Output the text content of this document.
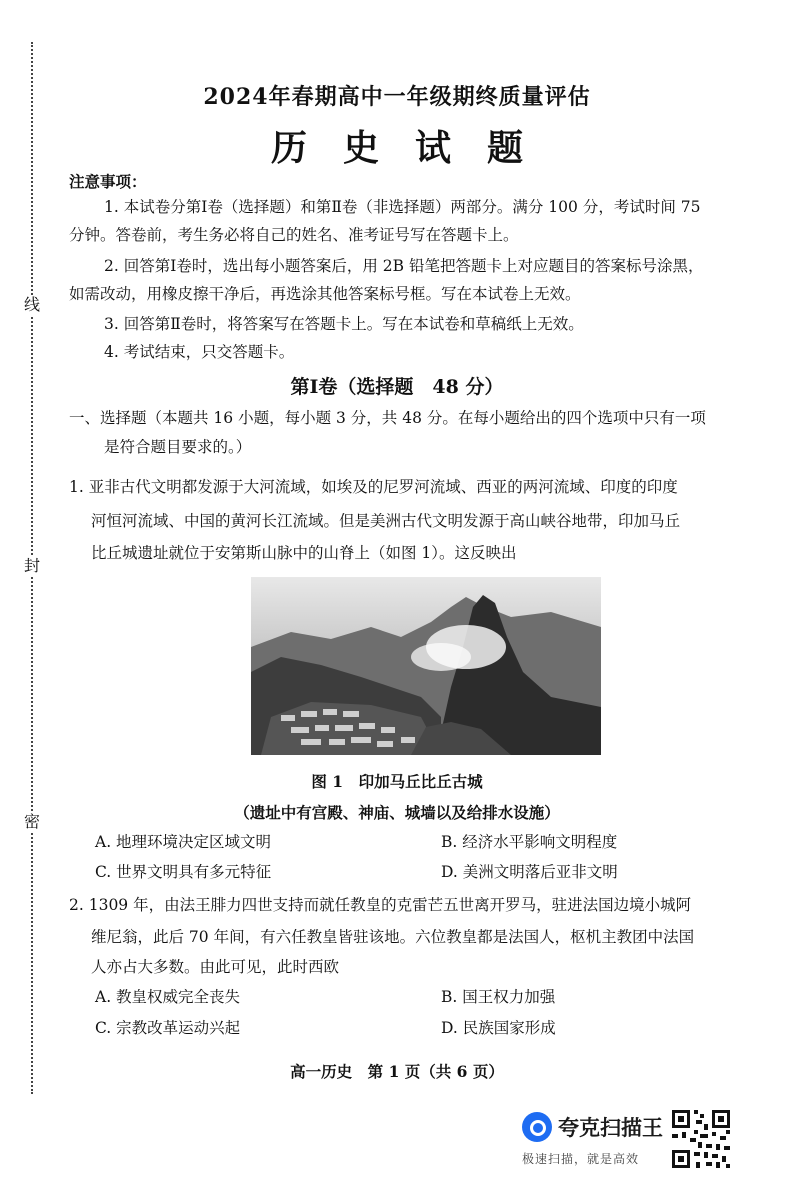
线
封
密
2024年春期高中一年级期终质量评估
历史试题
注意事项：
1. 本试卷分第Ⅰ卷（选择题）和第Ⅱ卷（非选择题）两部分。满分 100 分，考试时间 75
分钟。答卷前，考生务必将自己的姓名、准考证号写在答题卡上。
2. 回答第Ⅰ卷时，选出每小题答案后，用 2B 铅笔把答题卡上对应题目的答案标号涂黑，
如需改动，用橡皮擦干净后，再选涂其他答案标号框。写在本试卷上无效。
3. 回答第Ⅱ卷时，将答案写在答题卡上。写在本试卷和草稿纸上无效。
4. 考试结束，只交答题卡。
第Ⅰ卷（选择题　48 分）
一、选择题（本题共 16 小题，每小题 3 分，共 48 分。在每小题给出的四个选项中只有一项
是符合题目要求的。）
1. 亚非古代文明都发源于大河流域，如埃及的尼罗河流域、西亚的两河流域、印度的印度
河恒河流域、中国的黄河长江流域。但是美洲古代文明发源于高山峡谷地带，印加马丘
比丘城遗址就位于安第斯山脉中的山脊上（如图 1）。这反映出
图 1　印加马丘比丘古城
（遗址中有宫殿、神庙、城墙以及给排水设施）
A. 地理环境决定区域文明	B. 经济水平影响文明程度
C. 世界文明具有多元特征	D. 美洲文明落后亚非文明
2. 1309 年，由法王腓力四世支持而就任教皇的克雷芒五世离开罗马，驻进法国边境小城阿
维尼翁，此后 70 年间，有六任教皇皆驻该地。六位教皇都是法国人，枢机主教团中法国
人亦占大多数。由此可见，此时西欧
A. 教皇权威完全丧失	B. 国王权力加强
C. 宗教改革运动兴起	D. 民族国家形成
高一历史　第 1 页（共 6 页）
夸克扫描王
极速扫描，就是高效
